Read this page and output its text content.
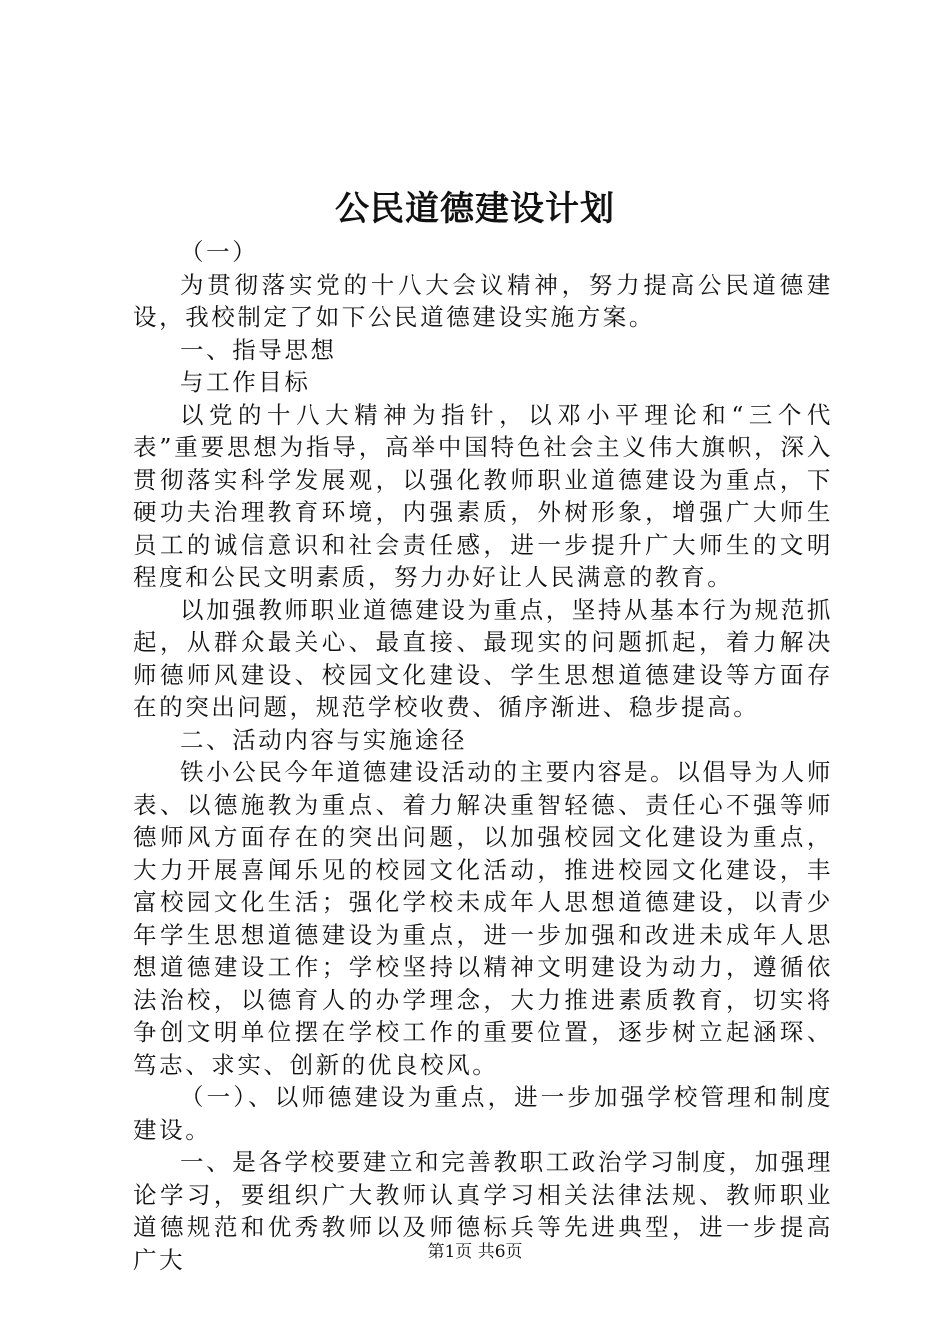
公民道德建设计划

（一）

为贯彻落实党的十八大会议精神，努力提高公民道德建设，我校制定了如下公民道德建设实施方案。

一、指导思想

与工作目标

以党的十八大精神为指针，以邓小平理论和“三个代表”重要思想为指导，高举中国特色社会主义伟大旗帜，深入贯彻落实科学发展观，以强化教师职业道德建设为重点，下硬功夫治理教育环境，内强素质，外树形象，增强广大师生员工的诚信意识和社会责任感，进一步提升广大师生的文明程度和公民文明素质，努力办好让人民满意的教育。

以加强教师职业道德建设为重点，坚持从基本行为规范抓起，从群众最关心、最直接、最现实的问题抓起，着力解决师德师风建设、校园文化建设、学生思想道德建设等方面存在的突出问题，规范学校收费、循序渐进、稳步提高。

二、活动内容与实施途径

铁小公民今年道德建设活动的主要内容是。以倡导为人师表、以德施教为重点、着力解决重智轻德、责任心不强等师德师风方面存在的突出问题，以加强校园文化建设为重点，大力开展喜闻乐见的校园文化活动，推进校园文化建设，丰富校园文化生活；强化学校未成年人思想道德建设，以青少年学生思想道德建设为重点，进一步加强和改进未成年人思想道德建设工作；学校坚持以精神文明建设为动力，遵循依法治校，以德育人的办学理念，大力推进素质教育，切实将争创文明单位摆在学校工作的重要位置，逐步树立起涵琛、笃志、求实、创新的优良校风。

（一）、以师德建设为重点，进一步加强学校管理和制度建设。

一、是各学校要建立和完善教职工政治学习制度，加强理论学习，要组织广大教师认真学习相关法律法规、教师职业道德规范和优秀教师以及师德标兵等先进典型，进一步提高广大	第1页 共6页
